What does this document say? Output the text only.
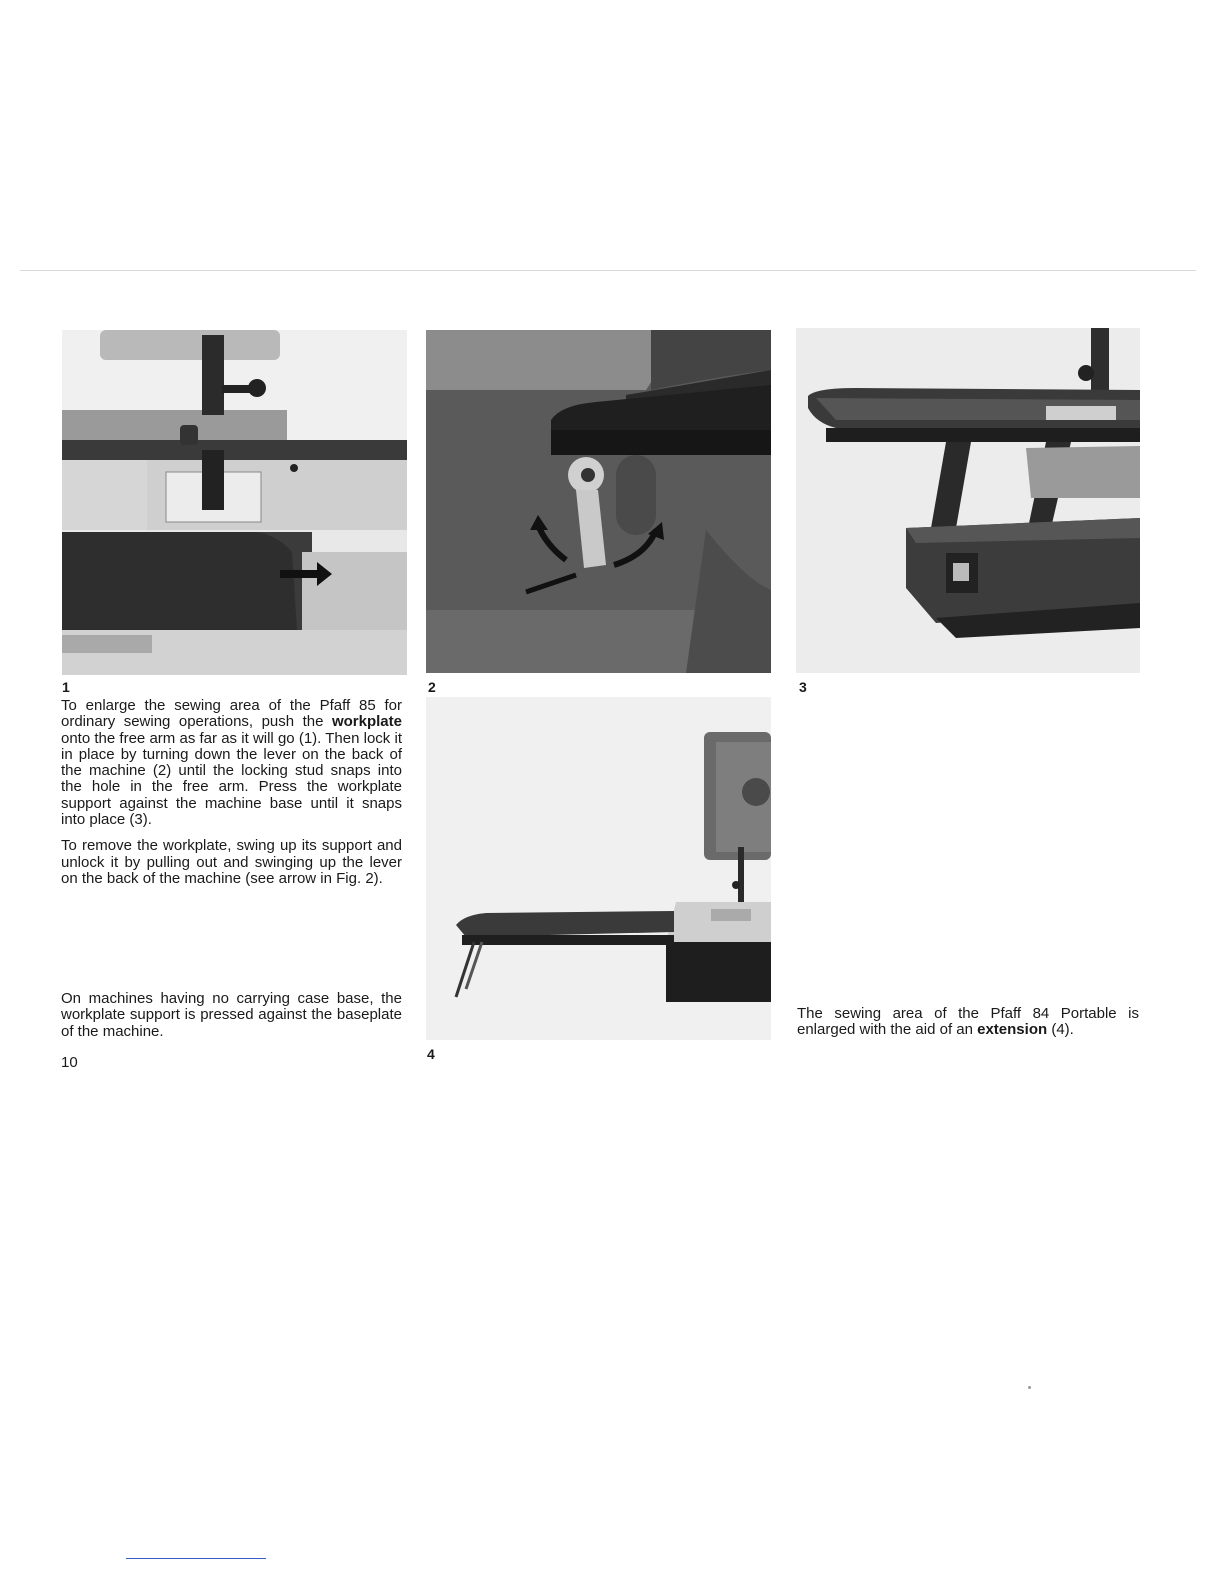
1	2	3
4

To enlarge the sewing area of the Pfaff 85 for ordinary sewing operations, push the workplate onto the free arm as far as it will go (1). Then lock it in place by turning down the lever on the back of the machine (2) until the locking stud snaps into the hole in the free arm. Press the workplate support against the machine base until it snaps into place (3).

To remove the workplate, swing up its support and unlock it by pulling out and swinging up the lever on the back of the machine (see arrow in Fig. 2).

On machines having no carrying case base, the workplate support is pressed against the baseplate of the machine.

10

The sewing area of the Pfaff 84 Portable is enlarged with the aid of an extension (4).
